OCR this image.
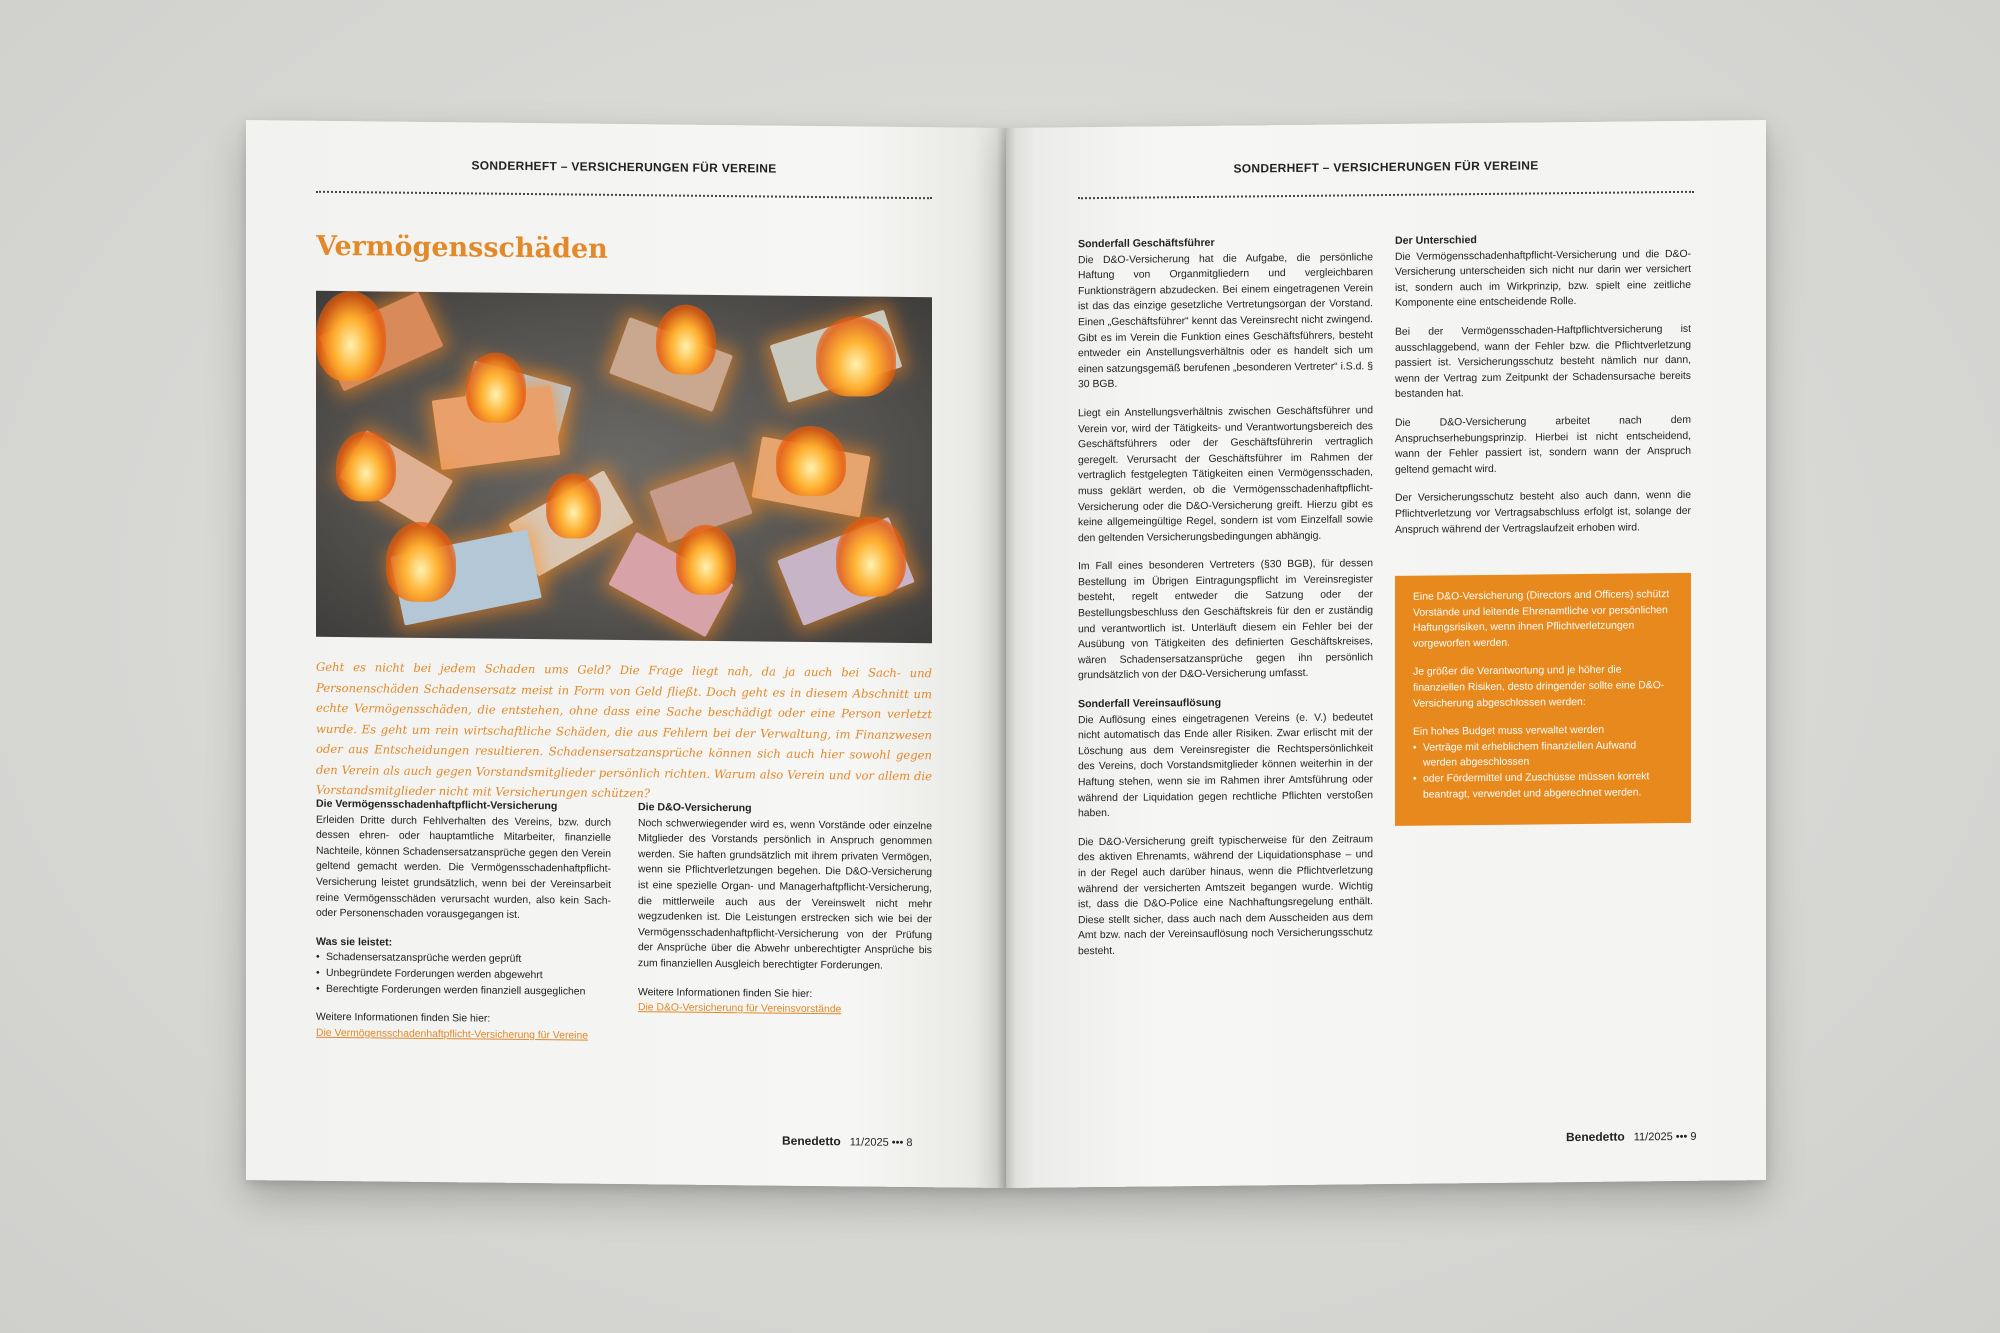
SONDERHEFT – VERSICHERUNGEN FÜR VEREINE
Vermögensschäden

Geht es nicht bei jedem Schaden ums Geld? Die Frage liegt nah, da ja auch bei Sach- und Personenschäden Schadensersatz meist in Form von Geld fließt. Doch geht es in diesem Abschnitt um echte Vermögensschäden, die entstehen, ohne dass eine Sache beschädigt oder eine Person verletzt wurde. Es geht um rein wirtschaftliche Schäden, die aus Fehlern bei der Verwaltung, im Finanzwesen oder aus Entscheidungen resultieren. Schadensersatzansprüche können sich auch hier sowohl gegen den Verein als auch gegen Vorstandsmitglieder persönlich richten. Warum also Verein und vor allem die Vorstandsmitglieder nicht mit Versicherungen schützen?

Die Vermögensschadenhaftpflicht-Versicherung

Erleiden Dritte durch Fehlverhalten des Vereins, bzw. durch dessen ehren- oder hauptamtliche Mitarbeiter, finanzielle Nachteile, können Schadensersatzansprüche gegen den Verein geltend gemacht werden. Die Vermögensschadenhaftpflicht-Versicherung leistet grundsätzlich, wenn bei der Vereinsarbeit reine Vermögensschäden verursacht wurden, also kein Sach- oder Personenschaden vorausgegangen ist.

Was sie leistet:
• Schadensersatzansprüche werden geprüft
• Unbegründete Forderungen werden abgewehrt
• Berechtigte Forderungen werden finanziell ausgeglichen

Weitere Informationen finden Sie hier:

Die Vermögensschadenhaftpflicht-Versicherung für Vereine
Die D&O-Versicherung

Noch schwerwiegender wird es, wenn Vorstände oder einzelne Mitglieder des Vorstands persönlich in Anspruch genommen werden. Sie haften grundsätzlich mit ihrem privaten Vermögen, wenn sie Pflichtverletzungen begehen. Die D&O-Versicherung ist eine spezielle Organ- und Managerhaftpflicht-Versicherung, die mittlerweile auch aus der Vereinswelt nicht mehr wegzudenken ist. Die Leistungen erstrecken sich wie bei der Vermögensschadenhaftpflicht-Versicherung von der Prüfung der Ansprüche über die Abwehr unberechtigter Ansprüche bis zum finanziellen Ausgleich berechtigter Forderungen.

Weitere Informationen finden Sie hier:

Die D&O-Versicherung für Vereinsvorstände
Benedetto 11/2025 ••• 8
SONDERHEFT – VERSICHERUNGEN FÜR VEREINE
Sonderfall Geschäftsführer

Die D&O-Versicherung hat die Aufgabe, die persönliche Haftung von Organmitgliedern und vergleichbaren Funktionsträgern abzudecken. Bei einem eingetragenen Verein ist das das einzige gesetzliche Vertretungsorgan der Vorstand. Einen „Geschäftsführer“ kennt das Vereinsrecht nicht zwingend. Gibt es im Verein die Funktion eines Geschäftsführers, besteht entweder ein Anstellungsverhältnis oder es handelt sich um einen satzungsgemäß berufenen „besonderen Vertreter“ i.S.d. § 30 BGB.

Liegt ein Anstellungsverhältnis zwischen Geschäftsführer und Verein vor, wird der Tätigkeits- und Verantwortungsbereich des Geschäftsführers oder der Geschäftsführerin vertraglich geregelt. Verursacht der Geschäftsführer im Rahmen der vertraglich festgelegten Tätigkeiten einen Vermögensschaden, muss geklärt werden, ob die Vermögensschadenhaftpflicht-Versicherung oder die D&O-Versicherung greift. Hierzu gibt es keine allgemeingültige Regel, sondern ist vom Einzelfall sowie den geltenden Versicherungsbedingungen abhängig.

Im Fall eines besonderen Vertreters (§30 BGB), für dessen Bestellung im Übrigen Eintragungspflicht im Vereinsregister besteht, regelt entweder die Satzung oder der Bestellungsbeschluss den Geschäftskreis für den er zuständig und verantwortlich ist. Unterläuft diesem ein Fehler bei der Ausübung von Tätigkeiten des definierten Geschäftskreises, wären Schadensersatzansprüche gegen ihn persönlich grundsätzlich von der D&O-Versicherung umfasst.

Sonderfall Vereinsauflösung

Die Auflösung eines eingetragenen Vereins (e. V.) bedeutet nicht automatisch das Ende aller Risiken. Zwar erlischt mit der Löschung aus dem Vereinsregister die Rechtspersönlichkeit des Vereins, doch Vorstandsmitglieder können weiterhin in der Haftung stehen, wenn sie im Rahmen ihrer Amtsführung oder während der Liquidation gegen rechtliche Pflichten verstoßen haben.

Die D&O-Versicherung greift typischerweise für den Zeitraum des aktiven Ehrenamts, während der Liquidationsphase – und in der Regel auch darüber hinaus, wenn die Pflichtverletzung während der versicherten Amtszeit begangen wurde. Wichtig ist, dass die D&O-Police eine Nachhaftungsregelung enthält. Diese stellt sicher, dass auch nach dem Ausscheiden aus dem Amt bzw. nach der Vereinsauflösung noch Versicherungsschutz besteht.

Der Unterschied

Die Vermögensschadenhaftpflicht-Versicherung und die D&O-Versicherung unterscheiden sich nicht nur darin wer versichert ist, sondern auch im Wirkprinzip, bzw. spielt eine zeitliche Komponente eine entscheidende Rolle.

Bei der Vermögensschaden-Haftpflichtversicherung ist ausschlaggebend, wann der Fehler bzw. die Pflichtverletzung passiert ist. Versicherungsschutz besteht nämlich nur dann, wenn der Vertrag zum Zeitpunkt der Schadensursache bereits bestanden hat.

Die D&O-Versicherung arbeitet nach dem Anspruchserhebungsprinzip. Hierbei ist nicht entscheidend, wann der Fehler passiert ist, sondern wann der Anspruch geltend gemacht wird.

Der Versicherungsschutz besteht also auch dann, wenn die Pflichtverletzung vor Vertragsabschluss erfolgt ist, solange der Anspruch während der Vertragslaufzeit erhoben wird.

Eine D&O-Versicherung (Directors and Officers) schützt Vorstände und leitende Ehrenamtliche vor persönlichen Haftungsrisiken, wenn ihnen Pflichtverletzungen vorgeworfen werden.

Je größer die Verantwortung und je höher die finanziellen Risiken, desto dringender sollte eine D&O-Versicherung abgeschlossen werden:

Ein hohes Budget muss verwaltet werden
• Verträge mit erheblichem finanziellen Aufwand werden abgeschlossen
• oder Fördermittel und Zuschüsse müssen korrekt beantragt, verwendet und abgerechnet werden.
Benedetto 11/2025 ••• 9
